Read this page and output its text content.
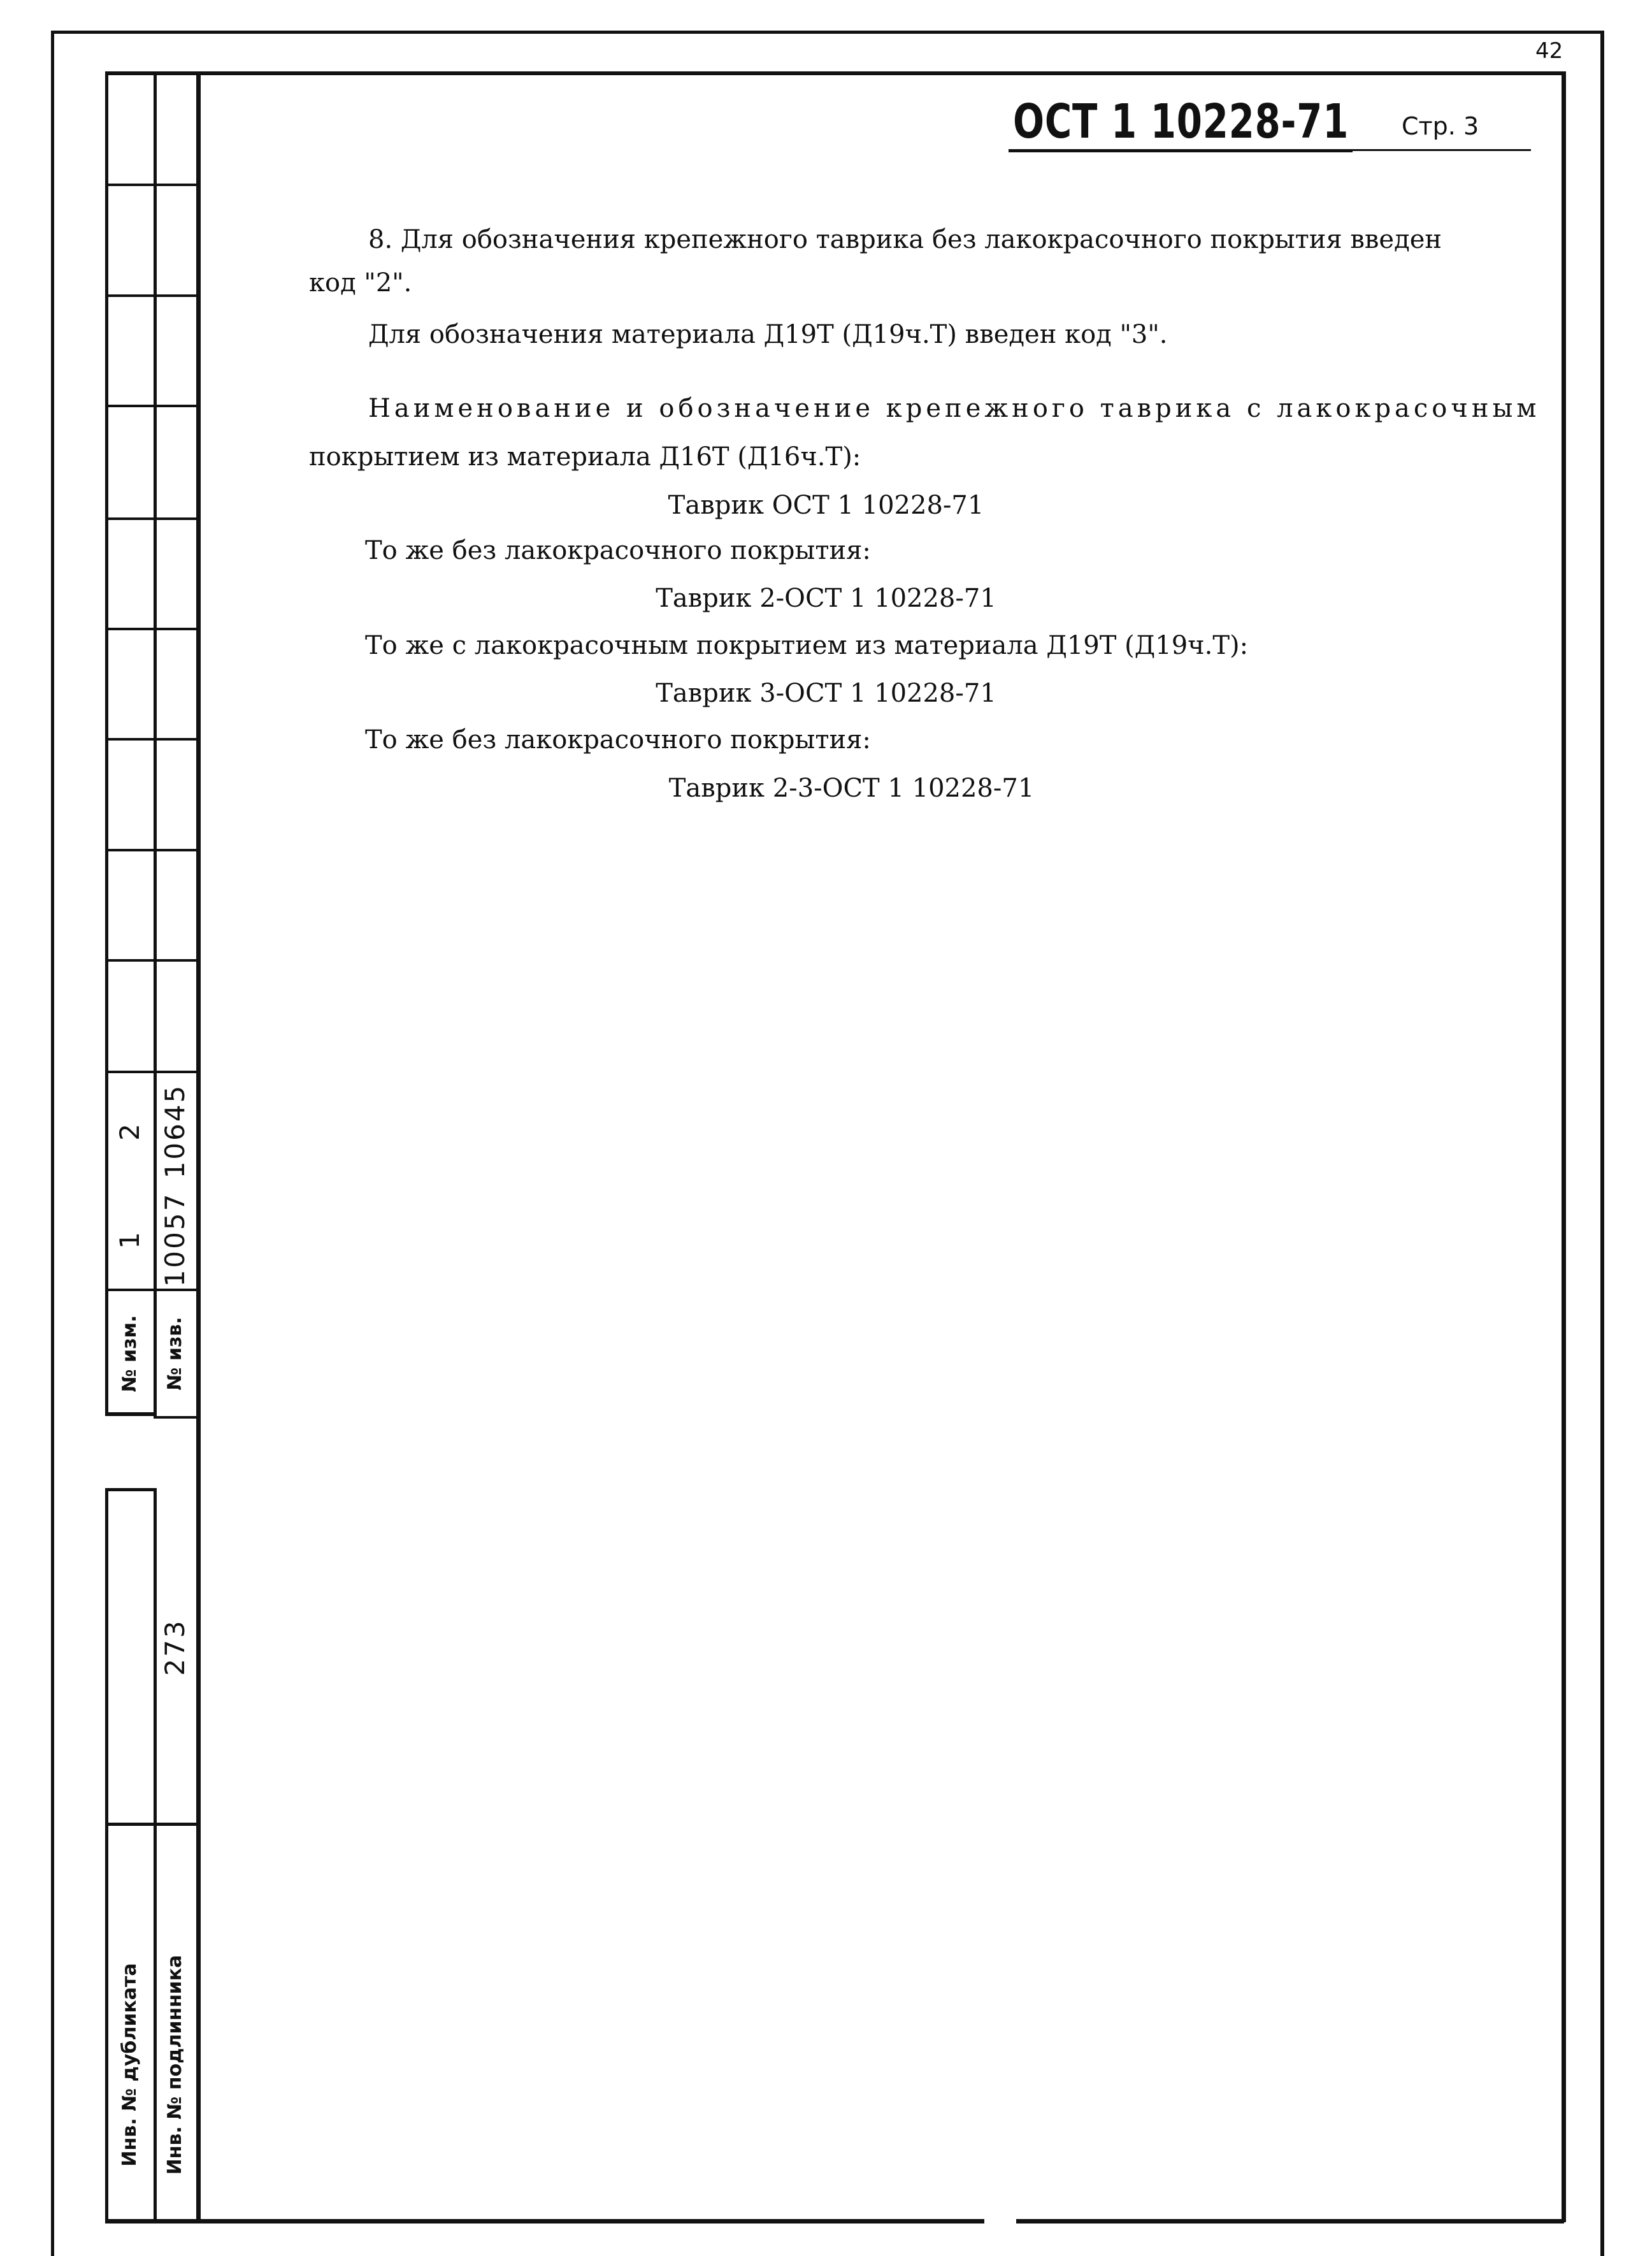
42
ОСТ 1 10228-71 Стр. 3
8. Для обозначения крепежного таврика без лакокрасочного покрытия введен
код "2".
Для обозначения материала Д19Т (Д19ч.Т) введен код "3".
Наименование и обозначение крепежного таврика с лакокрасочным
покрытием из материала Д16Т (Д16ч.Т):
Таврик ОСТ 1 10228-71
То же без лакокрасочного покрытия:
Таврик 2-ОСТ 1 10228-71
То же с лакокрасочным покрытием из материала Д19Т (Д19ч.Т):
Таврик 3-ОСТ 1 10228-71
То же без лакокрасочного покрытия:
Таврик 2-3-ОСТ 1 10228-71
№ изм. № изв.
1 10057
2 10645
273
Инв. № дубликата Инв. № подлинника
